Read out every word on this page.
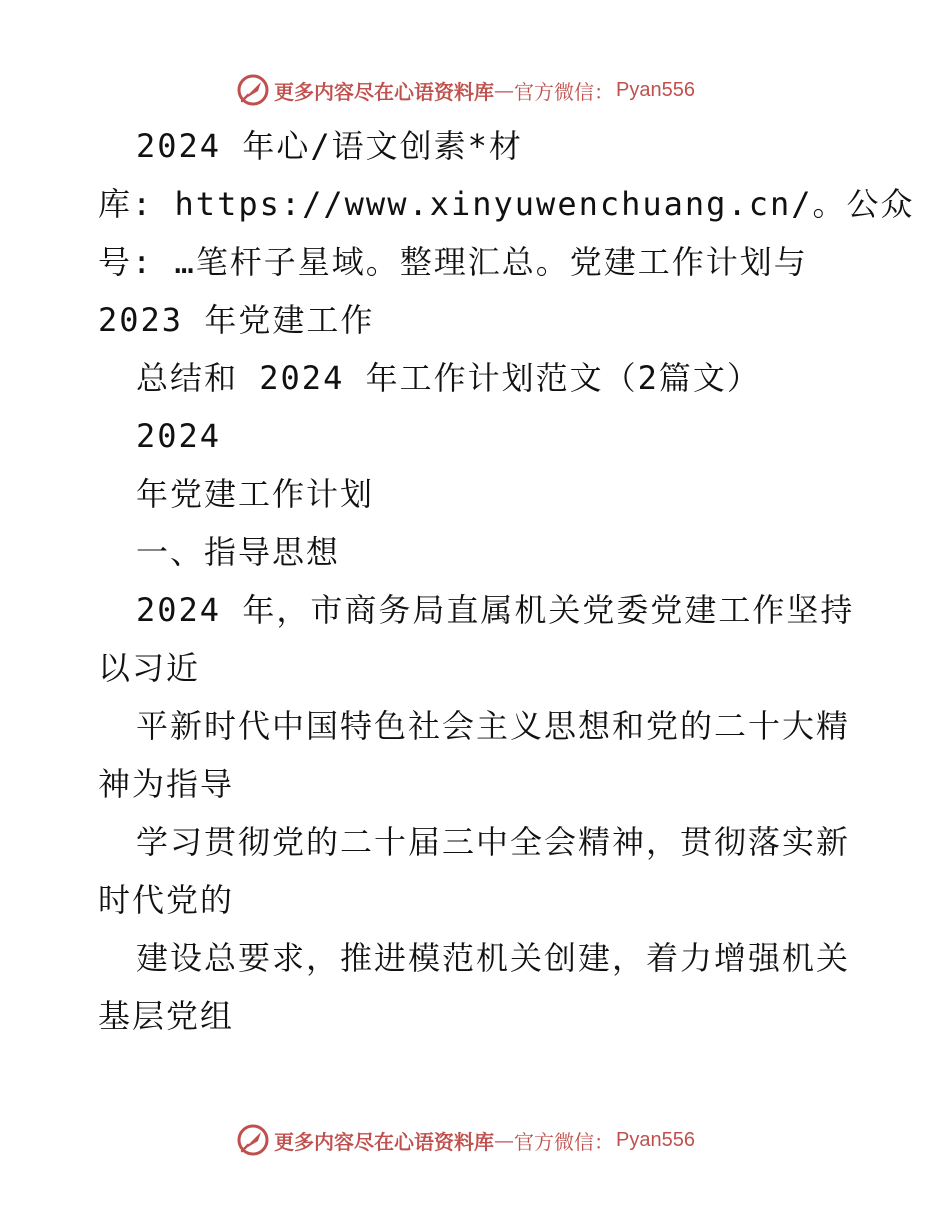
更多内容尽在心语资料库 — 官方微信： Pyan556
2024 年心/语文创素*材
库: https://www.xinyuwenchuang.cn/。公众
号: …笔杆子星域。整理汇总。党建工作计划与
2023 年党建工作
总结和 2024 年工作计划范文（2篇文）
2024
年党建工作计划
一、指导思想
2024 年，市商务局直属机关党委党建工作坚持
以习近
平新时代中国特色社会主义思想和党的二十大精
神为指导
学习贯彻党的二十届三中全会精神，贯彻落实新
时代党的
建设总要求，推进模范机关创建，着力增强机关
基层党组
更多内容尽在心语资料库 — 官方微信： Pyan556
